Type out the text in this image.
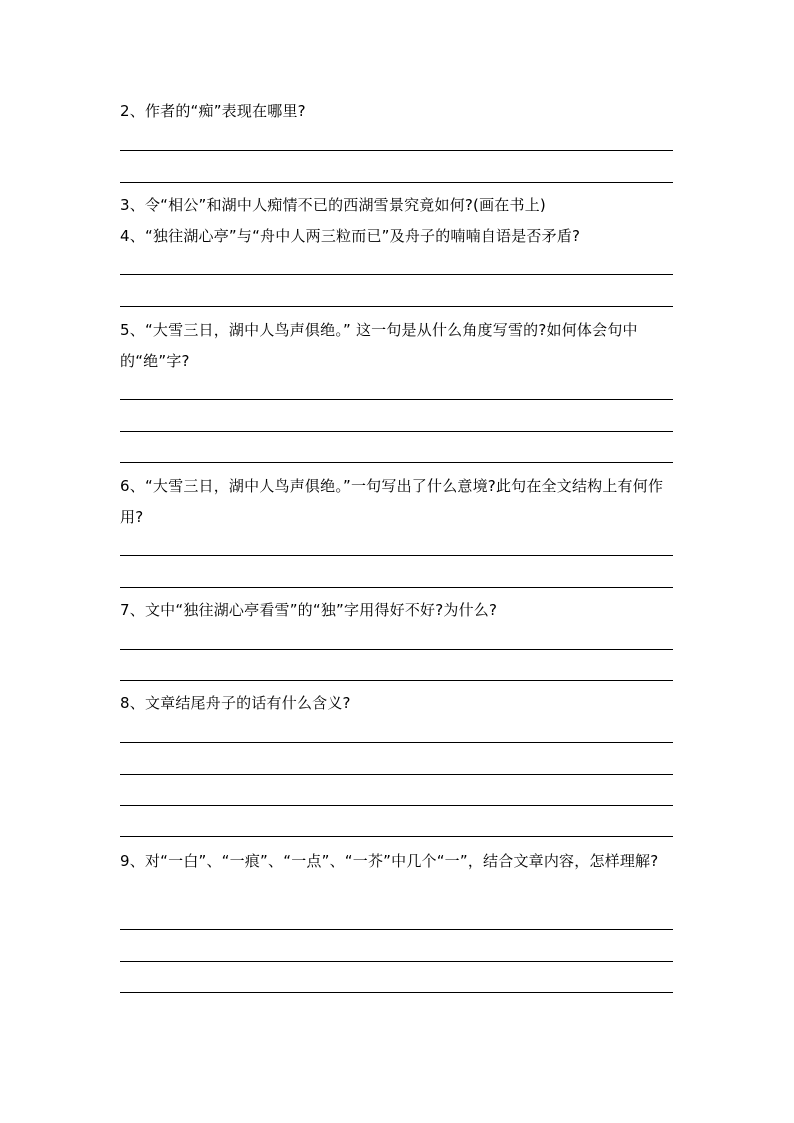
2、作者的“痴”表现在哪里?
3、令“相公”和湖中人痴情不已的西湖雪景究竟如何?(画在书上)
4、“独往湖心亭”与“舟中人两三粒而已”及舟子的喃喃自语是否矛盾?
5、“大雪三日，湖中人鸟声俱绝。” 这一句是从什么角度写雪的?如何体会句中的“绝”字?
6、“大雪三日，湖中人鸟声俱绝。”一句写出了什么意境?此句在全文结构上有何作用?
7、文中“独往湖心亭看雪”的“独”字用得好不好?为什么?
8、文章结尾舟子的话有什么含义?
9、对“一白”、“一痕”、“一点”、“一芥”中几个“一”，结合文章内容，怎样理解?
